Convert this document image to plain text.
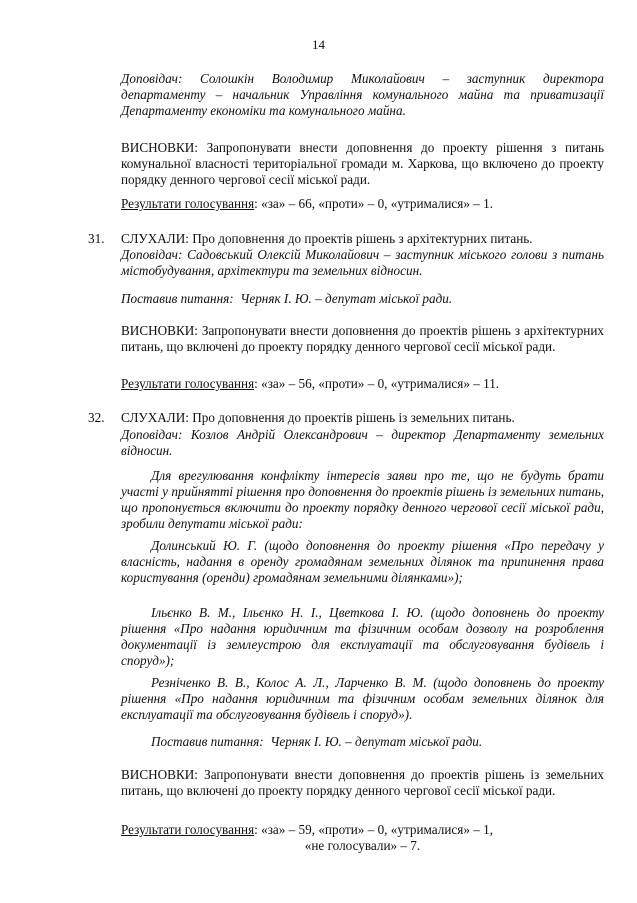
14
Доповідач: Солошкін Володимир Миколайович – заступник директора департаменту – начальник Управління комунального майна та приватизації Департаменту економіки та комунального майна.
ВИСНОВКИ: Запропонувати внести доповнення до проекту рішення з питань комунальної власності територіальної громади м. Харкова, що включено до проекту порядку денного чергової сесії міської ради.
Результати голосування: «за» – 66, «проти» – 0, «утрималися» – 1.
31. СЛУХАЛИ: Про доповнення до проектів рішень з архітектурних питань.
Доповідач: Садовський Олексій Миколайович – заступник міського голови з питань містобудування, архітектури та земельних відносин.
Поставив питання: Черняк І. Ю. – депутат міської ради.
ВИСНОВКИ: Запропонувати внести доповнення до проектів рішень з архітектурних питань, що включені до проекту порядку денного чергової сесії міської ради.
Результати голосування: «за» – 56, «проти» – 0, «утрималися» – 11.
32. СЛУХАЛИ: Про доповнення до проектів рішень із земельних питань.
Доповідач: Козлов Андрій Олександрович – директор Департаменту земельних відносин.
Для врегулювання конфлікту інтересів заяви про те, що не будуть брати участі у прийнятті рішення про доповнення до проектів рішень із земельних питань, що пропонується включити до проекту порядку денного чергової сесії міської ради, зробили депутати міської ради:
Долинський Ю. Г. (щодо доповнення до проекту рішення «Про передачу у власність, надання в оренду громадянам земельних ділянок та припинення права користування (оренди) громадянам земельними ділянками»);
Ільєнко В. М., Ільєнко Н. І., Цветкова І. Ю. (щодо доповнень до проекту рішення «Про надання юридичним та фізичним особам дозволу на розроблення документації із землеустрою для експлуатації та обслуговування будівель і споруд»);
Резніченко В. В., Колос А. Л., Ларченко В. М. (щодо доповнень до проекту рішення «Про надання юридичним та фізичним особам земельних ділянок для експлуатації та обслуговування будівель і споруд»).
Поставив питання: Черняк І. Ю. – депутат міської ради.
ВИСНОВКИ: Запропонувати внести доповнення до проектів рішень із земельних питань, що включені до проекту порядку денного чергової сесії міської ради.
Результати голосування: «за» – 59, «проти» – 0, «утрималися» – 1,
«не голосували» – 7.
